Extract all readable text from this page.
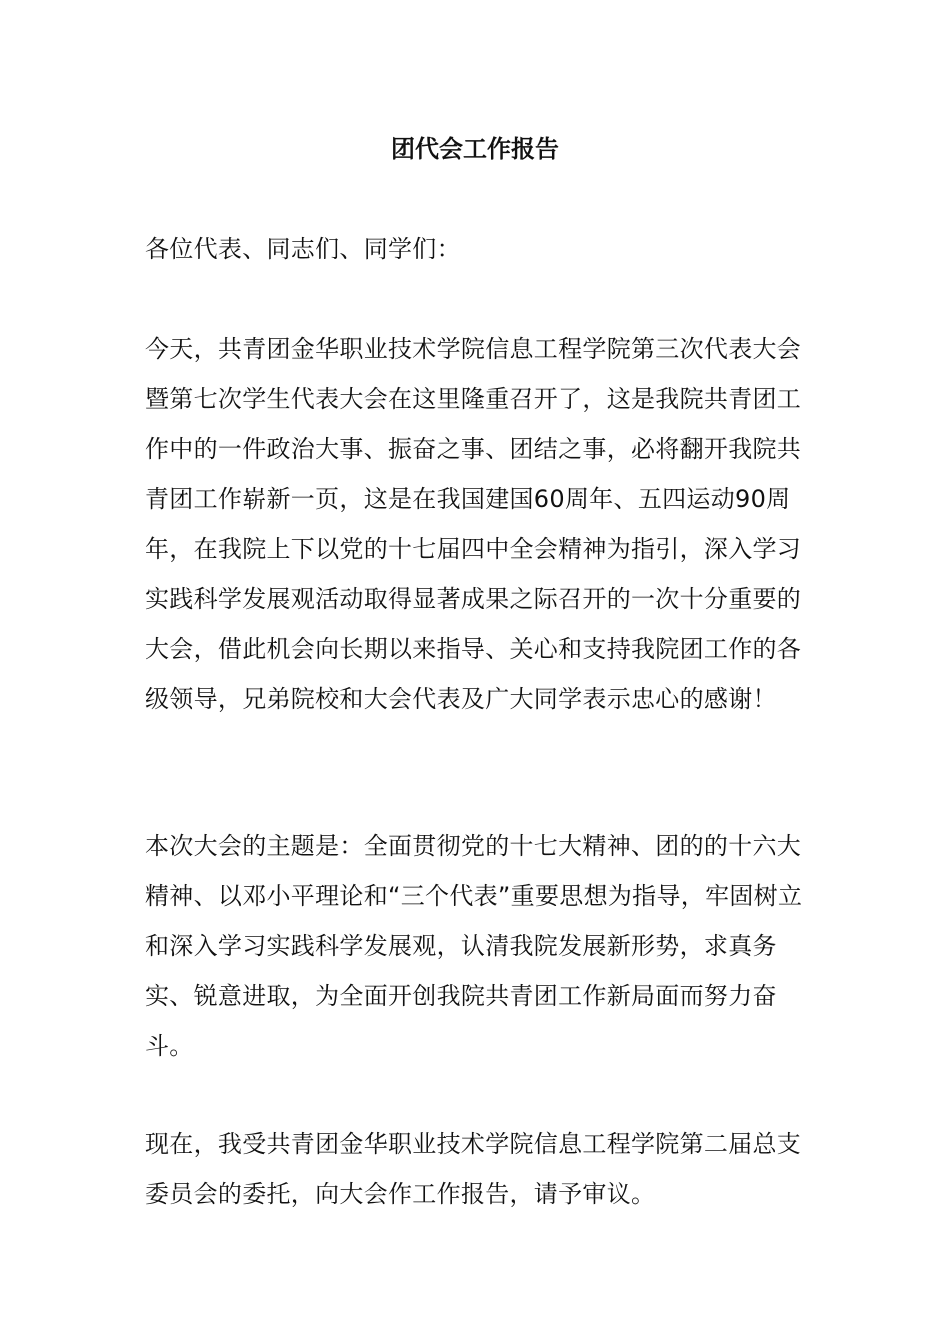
团代会工作报告

各位代表、同志们、同学们：

今天，共青团金华职业技术学院信息工程学院第三次代表大会暨第七次学生代表大会在这里隆重召开了，这是我院共青团工作中的一件政治大事、振奋之事、团结之事，必将翻开我院共青团工作崭新一页，这是在我国建国60周年、五四运动90周年，在我院上下以党的十七届四中全会精神为指引，深入学习实践科学发展观活动取得显著成果之际召开的一次十分重要的大会，借此机会向长期以来指导、关心和支持我院团工作的各级领导，兄弟院校和大会代表及广大同学表示忠心的感谢！

本次大会的主题是：全面贯彻党的十七大精神、团的的十六大精神、以邓小平理论和“三个代表”重要思想为指导，牢固树立和深入学习实践科学发展观，认清我院发展新形势，求真务实、锐意进取，为全面开创我院共青团工作新局面而努力奋斗。

现在，我受共青团金华职业技术学院信息工程学院第二届总支委员会的委托，向大会作工作报告，请予审议。
